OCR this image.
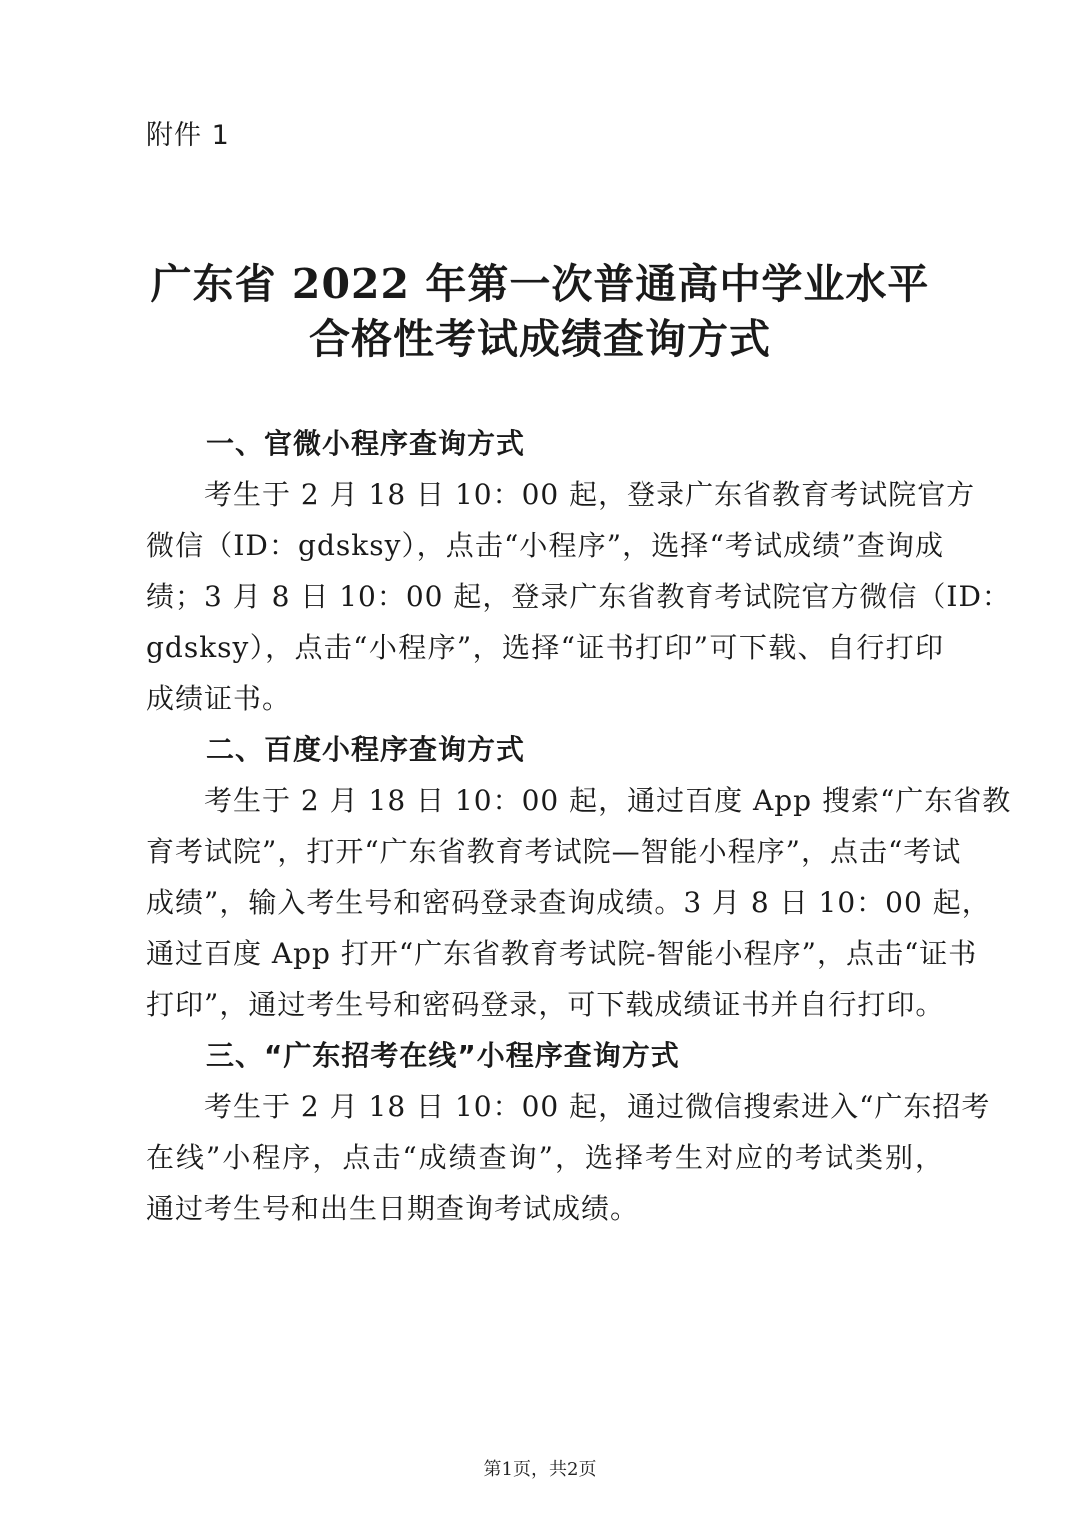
附件 1
广东省 2022 年第一次普通高中学业水平
合格性考试成绩查询方式
一、官微小程序查询方式
考生于 2 月 18 日 10：00 起，登录广东省教育考试院官方
微信（ID：gdsksy），点击“小程序”，选择“考试成绩”查询成
绩；3 月 8 日 10：00 起，登录广东省教育考试院官方微信（ID：
gdsksy），点击“小程序”，选择“证书打印”可下载、自行打印
成绩证书。
二、百度小程序查询方式
考生于 2 月 18 日 10：00 起，通过百度 App 搜索“广东省教
育考试院”，打开“广东省教育考试院—智能小程序”，点击“考试
成绩”，输入考生号和密码登录查询成绩。3 月 8 日 10：00 起，
通过百度 App 打开“广东省教育考试院-智能小程序”，点击“证书
打印”，通过考生号和密码登录，可下载成绩证书并自行打印。
三、“广东招考在线”小程序查询方式
考生于 2 月 18 日 10：00 起，通过微信搜索进入“广东招考
在线”小程序，点击“成绩查询”，选择考生对应的考试类别，
通过考生号和出生日期查询考试成绩。
第1页，共2页
